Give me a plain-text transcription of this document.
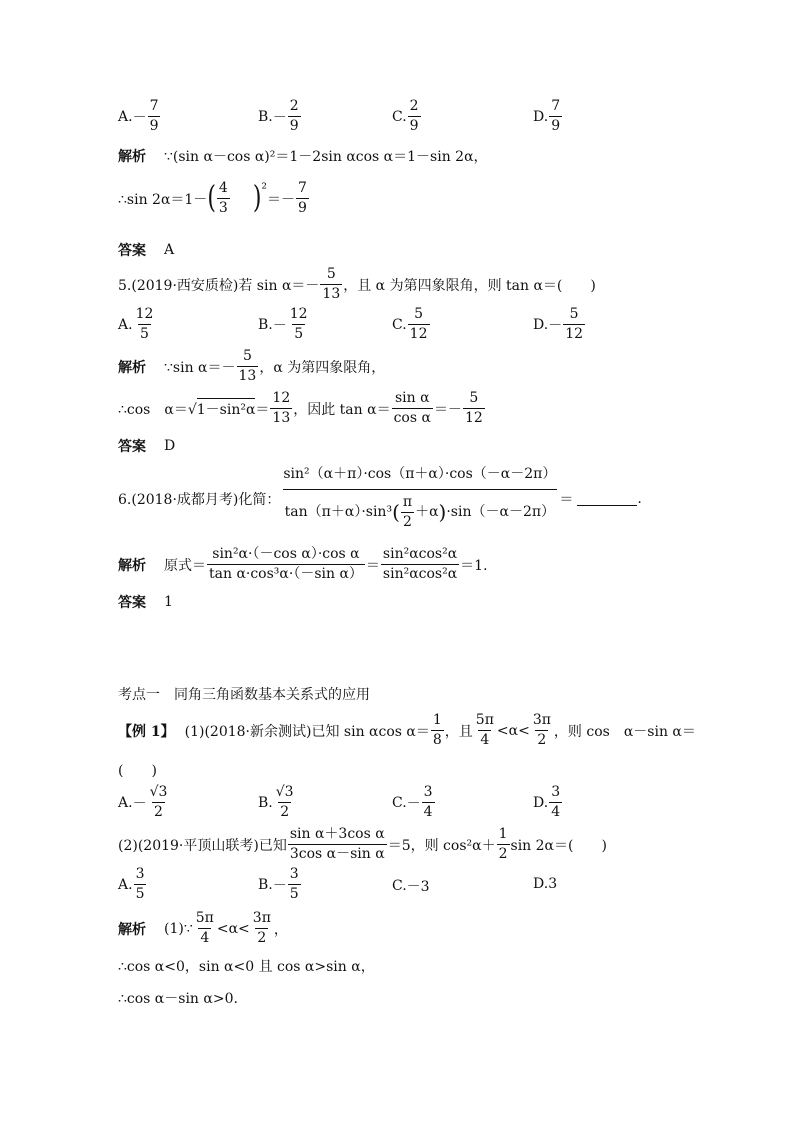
A. － $\frac{7}{9}$	B. － $\frac{2}{9}$	C. $\frac{2}{9}$	D. $\frac{7}{9}$
解析 ∵(sin α－cos α)²＝1－2sin αcos α＝1－sin 2α，
∴sin 2α＝1－ ( $\frac{4}{3}$ ) ²
＝－ $\frac{7}{9}$
答案 A
5.(2019·西安质检)若 $\sin \alpha=- \frac{5}{13}$ ，且 α 为第四象限角，则 tan α＝(　　)
A. $\frac{12}{5}$	B. － $\frac{12}{5}$	C. $\frac{5}{12}$	D. － $\frac{5}{12}$
解析 ∵sin $\alpha=- \frac{5}{13}$ ，α 为第四象限角，
∴cos　α＝√ $1-\sin^2\alpha = \frac{12}{13}$ ，因此 $\tan \alpha= \frac{\text{sin α}}{\text{cos α}} =- \frac{5}{12}$
答案 D
6.(2018·成都月考)化简：
sin²（α＋π）·cos（π＋α）·cos（－α－2π）
tan（π＋α）·sin³ ( $\frac{\pi}{2} +\alpha$ ) ·sin（－α－2π）
＝	.
解析 原式＝ $\frac{\text{sin²α·（－cos α）·cos α}}{\text{tan α·cos³α·（－sin α）}} = \frac{\text{sin²αcos²α}}{\text{sin²αcos²α}} =1$.
答案 1
考点一　同角三角函数基本关系式的应用
【例 1】 (1)(2018·新余测试)已知 sin αcos $\alpha= \frac{1}{8}$ ，且 $\frac{5\pi}{4} <\alpha< \frac{3\pi}{2}$ ，则 cos　α－sin α＝
(　　)
A. － $\frac{√3}{2}$	B. $\frac{√3}{2}$	C. － $\frac{3}{4}$	D. $\frac{3}{4}$
(2)(2019·平顶山联考)已知 $\frac{\text{sin α＋3cos α}}{\text{3cos α－sin α}} =5$，则 $\cos^2\alpha+ \frac{1}{2}$ sin 2α＝(　　)
A. $\frac{3}{5}$	B. － $\frac{3}{5}$	C. －3	D. 3
解析 (1)∵ $\frac{5\pi}{4} <\alpha< \frac{3\pi}{2}$ ，
∴cos α<0，sin α<0 且 cos α>sin α，
∴cos α－sin α>0.
